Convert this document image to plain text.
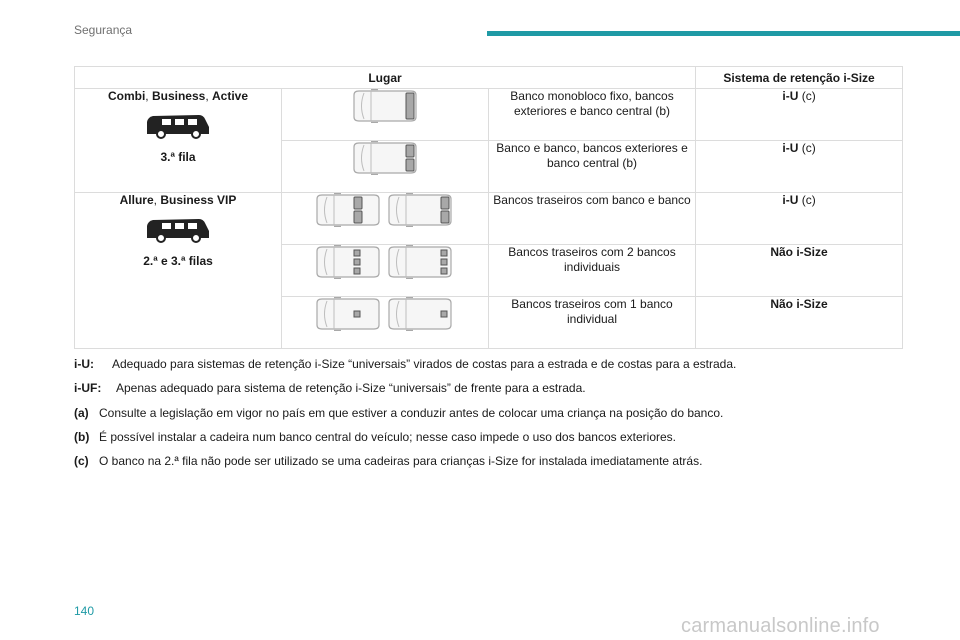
Segurança
Lugar			Sistema de retenção i-Size

Combi, Business, Active
3.ª fila		Banco monobloco fixo, bancos exteriores e banco central (b)	i-U (c)

	Banco e banco, bancos exteriores e banco central (b)	i-U (c)

Allure, Business VIP
2.ª e 3.ª filas		Bancos traseiros com banco e banco	i-U (c)

	Bancos traseiros com 2 bancos individuais	Não i-Size

	Bancos traseiros com 1 banco individual	Não i-Size
i-U: Adequado para sistemas de retenção i-Size “universais” virados de costas para a estrada e de costas para a estrada.
i-UF: Apenas adequado para sistema de retenção i-Size “universais” de frente para a estrada.
(a) Consulte a legislação em vigor no país em que estiver a conduzir antes de colocar uma criança na posição do banco.
(b) É possível instalar a cadeira num banco central do veículo; nesse caso impede o uso dos bancos exteriores.
(c) O banco na 2.ª fila não pode ser utilizado se uma cadeiras para crianças i-Size for instalada imediatamente atrás.
140
carmanualsonline.info
